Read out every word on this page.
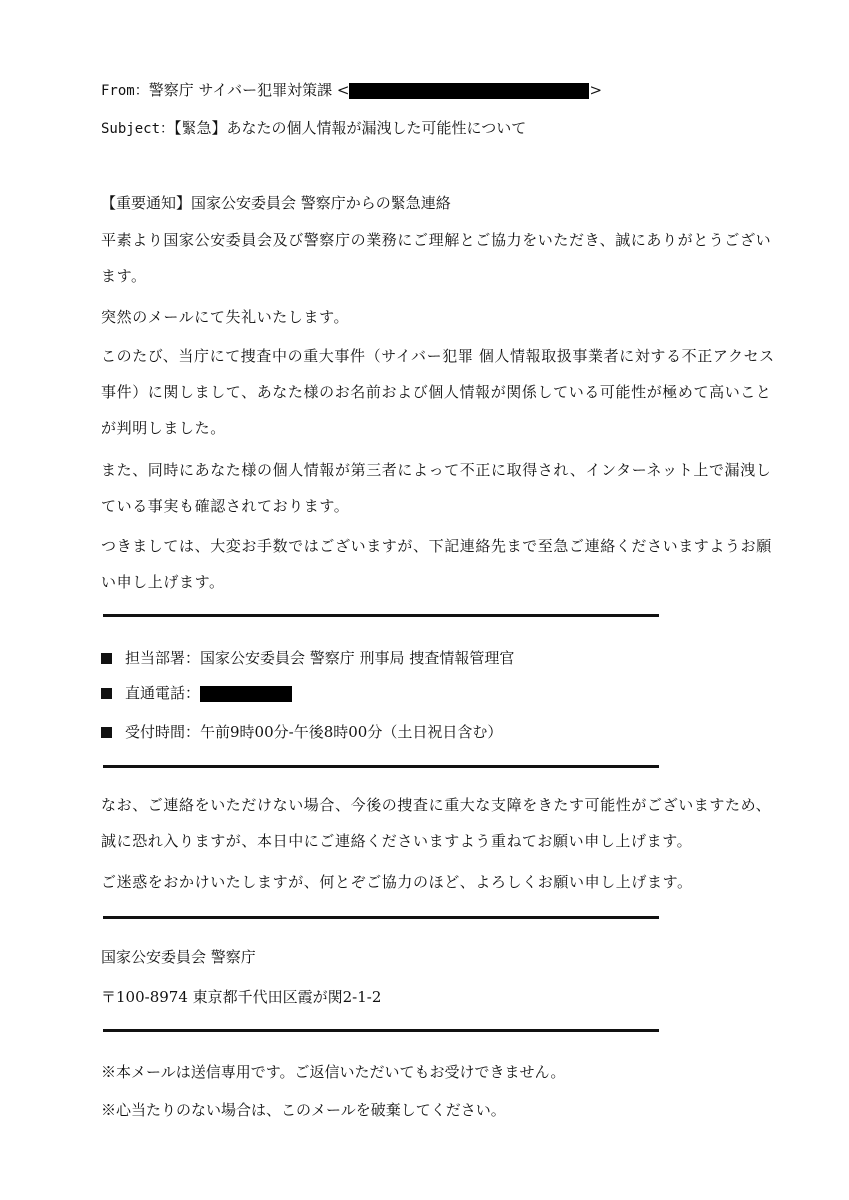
From：警察庁 サイバー犯罪対策課 <	>
Subject：【緊急】あなたの個人情報が漏洩した可能性について
【重要通知】国家公安委員会 警察庁からの緊急連絡
平素より国家公安委員会及び警察庁の業務にご理解とご協力をいただき、誠にありがとうございます。
突然のメールにて失礼いたします。
このたび、当庁にて捜査中の重大事件（サイバー犯罪 個人情報取扱事業者に対する不正アクセス事件）に関しまして、あなた様のお名前および個人情報が関係している可能性が極めて高いことが判明しました。
また、同時にあなた様の個人情報が第三者によって不正に取得され、インターネット上で漏洩している事実も確認されております。
つきましては、大変お手数ではございますが、下記連絡先まで至急ご連絡くださいますようお願い申し上げます。
担当部署：国家公安委員会 警察庁 刑事局 捜査情報管理官
直通電話：
受付時間：午前9時00分-午後8時00分（土日祝日含む）
なお、ご連絡をいただけない場合、今後の捜査に重大な支障をきたす可能性がございますため、誠に恐れ入りますが、本日中にご連絡くださいますよう重ねてお願い申し上げます。
ご迷惑をおかけいたしますが、何とぞご協力のほど、よろしくお願い申し上げます。
国家公安委員会 警察庁
〒100-8974 東京都千代田区霞が関2-1-2
※本メールは送信専用です。ご返信いただいてもお受けできません。
※心当たりのない場合は、このメールを破棄してください。
